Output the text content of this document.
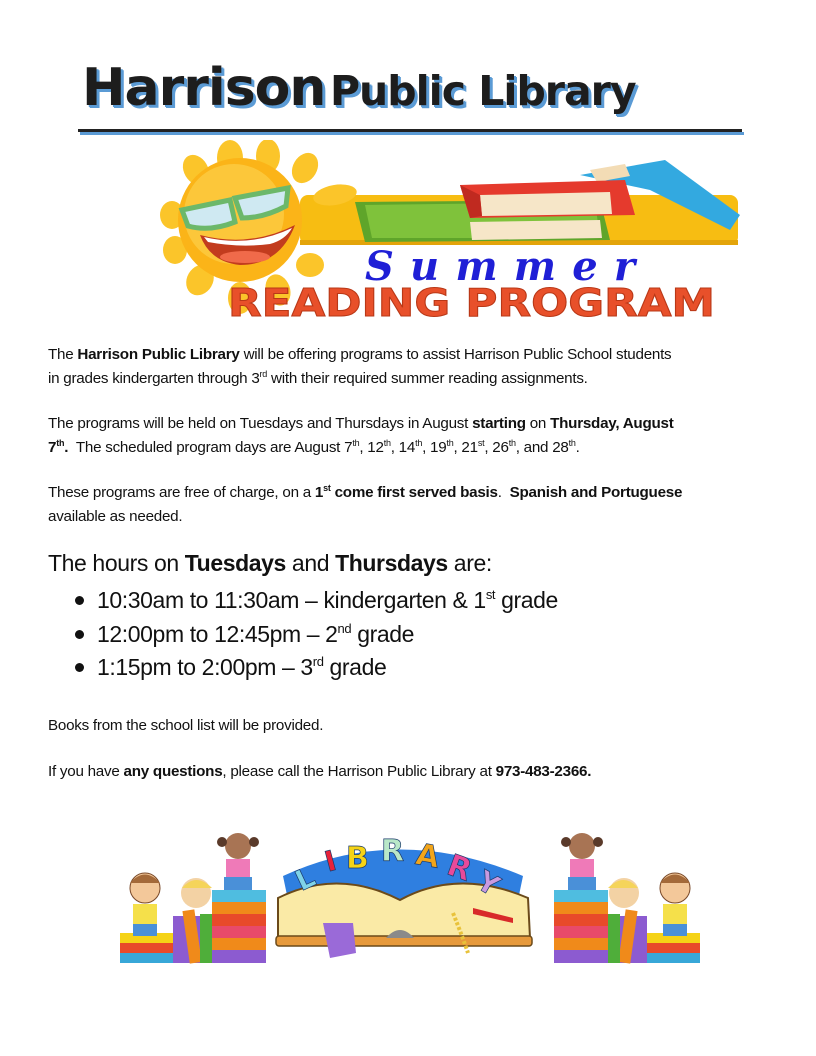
Harrison Public Library
Summer
READING PROGRAM
The Harrison Public Library will be offering programs to assist Harrison Public School students
in grades kindergarten through 3rd with their required summer reading assignments.
The programs will be held on Tuesdays and Thursdays in August starting on Thursday, August
7th.  The scheduled program days are August 7th, 12th, 14th, 19th, 21st, 26th, and 28th.
These programs are free of charge, on a 1st come first served basis.  Spanish and Portuguese
available as needed.
The hours on Tuesdays and Thursdays are:
10:30am to 11:30am – kindergarten & 1st grade
12:00pm to 12:45pm – 2nd grade
1:15pm to 2:00pm – 3rd grade
Books from the school list will be provided.
If you have any questions, please call the Harrison Public Library at 973-483-2366.
L I B R A R
Y
